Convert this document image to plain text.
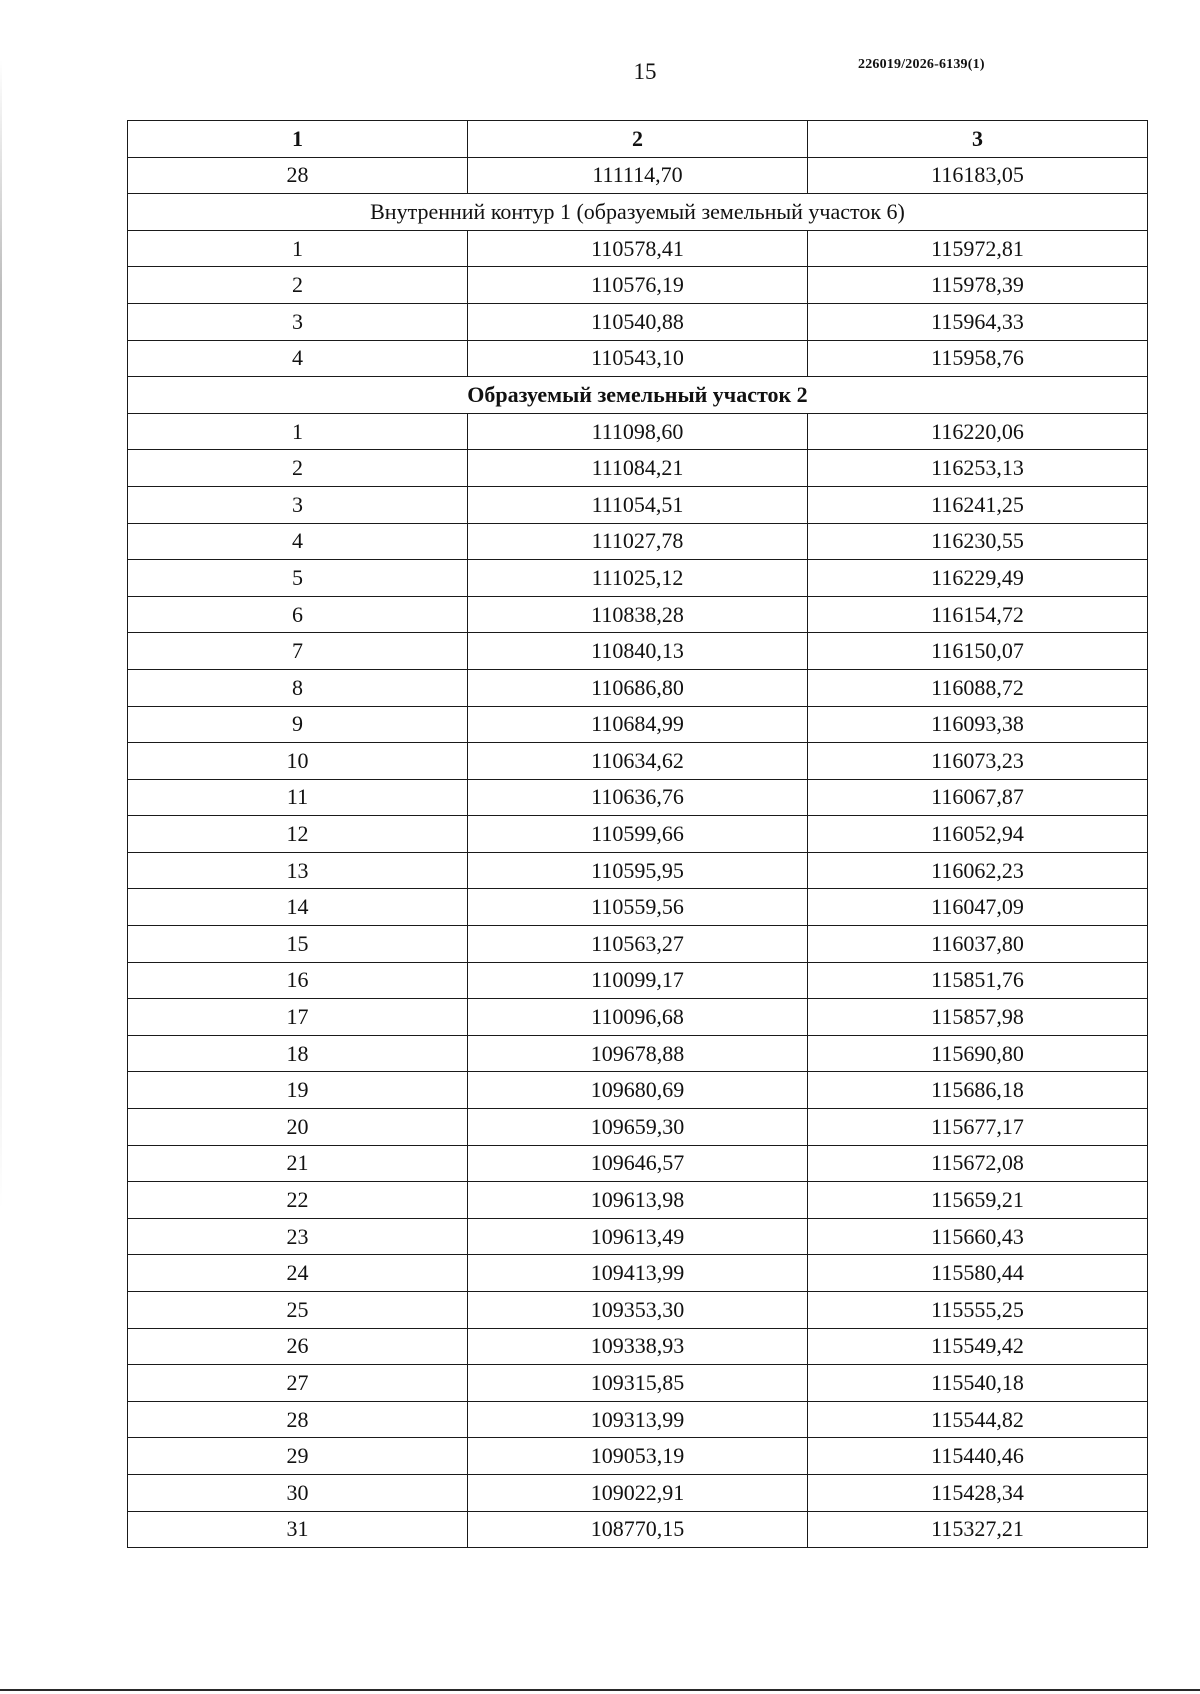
15	226019/2026-6139(1)
1	2	3
28	111114,70	116183,05
Внутренний контур 1 (образуемый земельный участок 6)		
1	110578,41	115972,81
2	110576,19	115978,39
3	110540,88	115964,33
4	110543,10	115958,76
Образуемый земельный участок 2		
1	111098,60	116220,06
2	111084,21	116253,13
3	111054,51	116241,25
4	111027,78	116230,55
5	111025,12	116229,49
6	110838,28	116154,72
7	110840,13	116150,07
8	110686,80	116088,72
9	110684,99	116093,38
10	110634,62	116073,23
11	110636,76	116067,87
12	110599,66	116052,94
13	110595,95	116062,23
14	110559,56	116047,09
15	110563,27	116037,80
16	110099,17	115851,76
17	110096,68	115857,98
18	109678,88	115690,80
19	109680,69	115686,18
20	109659,30	115677,17
21	109646,57	115672,08
22	109613,98	115659,21
23	109613,49	115660,43
24	109413,99	115580,44
25	109353,30	115555,25
26	109338,93	115549,42
27	109315,85	115540,18
28	109313,99	115544,82
29	109053,19	115440,46
30	109022,91	115428,34
31	108770,15	115327,21
